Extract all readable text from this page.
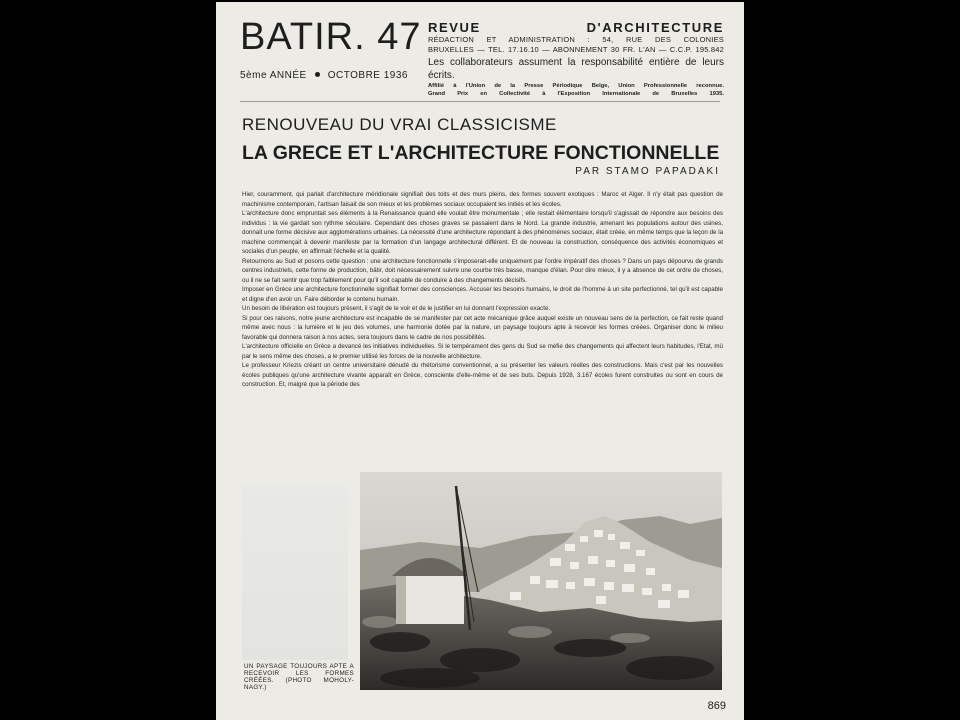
BATIR. 47
5ème ANNÉE OCTOBRE 1936
REVUE D'ARCHITECTURE
RÉDACTION ET ADMINISTRATION : 54, RUE DES COLONIES
BRUXELLES — TEL. 17.16.10 — ABONNEMENT 30 FR. L'AN — C.C.P. 195.842
Les collaborateurs assument la responsabilité entière de leurs écrits.
Affilié à l'Union de la Presse Périodique Belge, Union Professionnelle reconnue.
Grand Prix en Collectivité à l'Exposition Internationale de Bruxelles 1935.
RENOUVEAU DU VRAI CLASSICISME
LA GRECE ET L'ARCHITECTURE FONCTIONNELLE
PAR STAMO PAPADAKI

Hier, couramment, qui parlait d'architecture méridionale signifiait des toits et des murs pleins, des formes souvent exotiques : Maroc et Alger. Il n'y était pas question de machinisme contemporain, l'artisan faisait de son mieux et les problèmes sociaux occupaient les initiés et les écoles.

L'architecture donc empruntait ses éléments à la Renaissance quand elle voulait être monumentale ; elle restait élémentaire lorsqu'il s'agissait de répondre aux besoins des individus : la vie gardait son rythme séculaire. Cependant des choses graves se passaient dans le Nord. La grande industrie, amenant les populations autour des usines, donnait une forme décisive aux agglomérations urbaines. La nécessité d'une architecture répondant à des phénomènes sociaux, était créée, en même temps que la leçon de la machine commençait à devenir manifeste par la formation d'un langage architectural différent. Et de nouveau la construction, conséquence des activités économiques et sociales d'un peuple, en affirmait l'échelle et la qualité.

Retournons au Sud et posons cette question : une architecture fonctionnelle s'imposerait-elle uniquement par l'ordre impératif des choses ? Dans un pays dépourvu de grands centres industriels, cette forme de production, bâtir, doit nécessairement suivre une courbe très basse, manque d'élan. Pour dire mieux, il y a absence de cet ordre de choses, ou il ne se fait sentir que trop faiblement pour qu'il soit capable de conduire à des changements décisifs.

Imposer en Grèce une architecture fonctionnelle signifiait former des consciences. Accuser les besoins humains, le droit de l'homme à un site perfectionné, tel qu'il est capable et digne d'en avoir un. Faire déborder le contenu humain.

Un besoin de libération est toujours présent, il s'agit de le voir et de le justifier en lui donnant l'expression exacte.

Si pour ces raisons, notre jeune architecture est incapable de se manifester par cet acte mécanique grâce auquel existe un nouveau sens de la perfection, ce fait reste quand même avec nous : la lumière et le jeu des volumes, une harmonie dotée par la nature, un paysage toujours apte à recevoir les formes créées. Organiser donc le milieu favorable qui donnera raison à nos actes, sera toujours dans le cadre de nos possibilités.

L'architecture officielle en Grèce a devancé les initiatives individuelles. Si le tempérament des gens du Sud se méfie des changements qui affectent leurs habitudes, l'Etat, mû par le sens même des choses, a le premier utilisé les forces de la nouvelle architecture.

Le professeur Kriezis créant un centre universitaire dénudé du rhétorisme conventionnel, a su présenter les valeurs réelles des constructions. Mais c'est par les nouvelles écoles publiques qu'une architecture vivante apparaît en Grèce, consciente d'elle-même et de ses buts. Depuis 1928, 3.167 écoles furent construites ou sont en cours de construction. Et, malgré que la période des

UN PAYSAGE TOUJOURS APTE A RECEVOIR LES FORMES CRÉÉES. (PHOTO MOHOLY-NAGY.)
869
